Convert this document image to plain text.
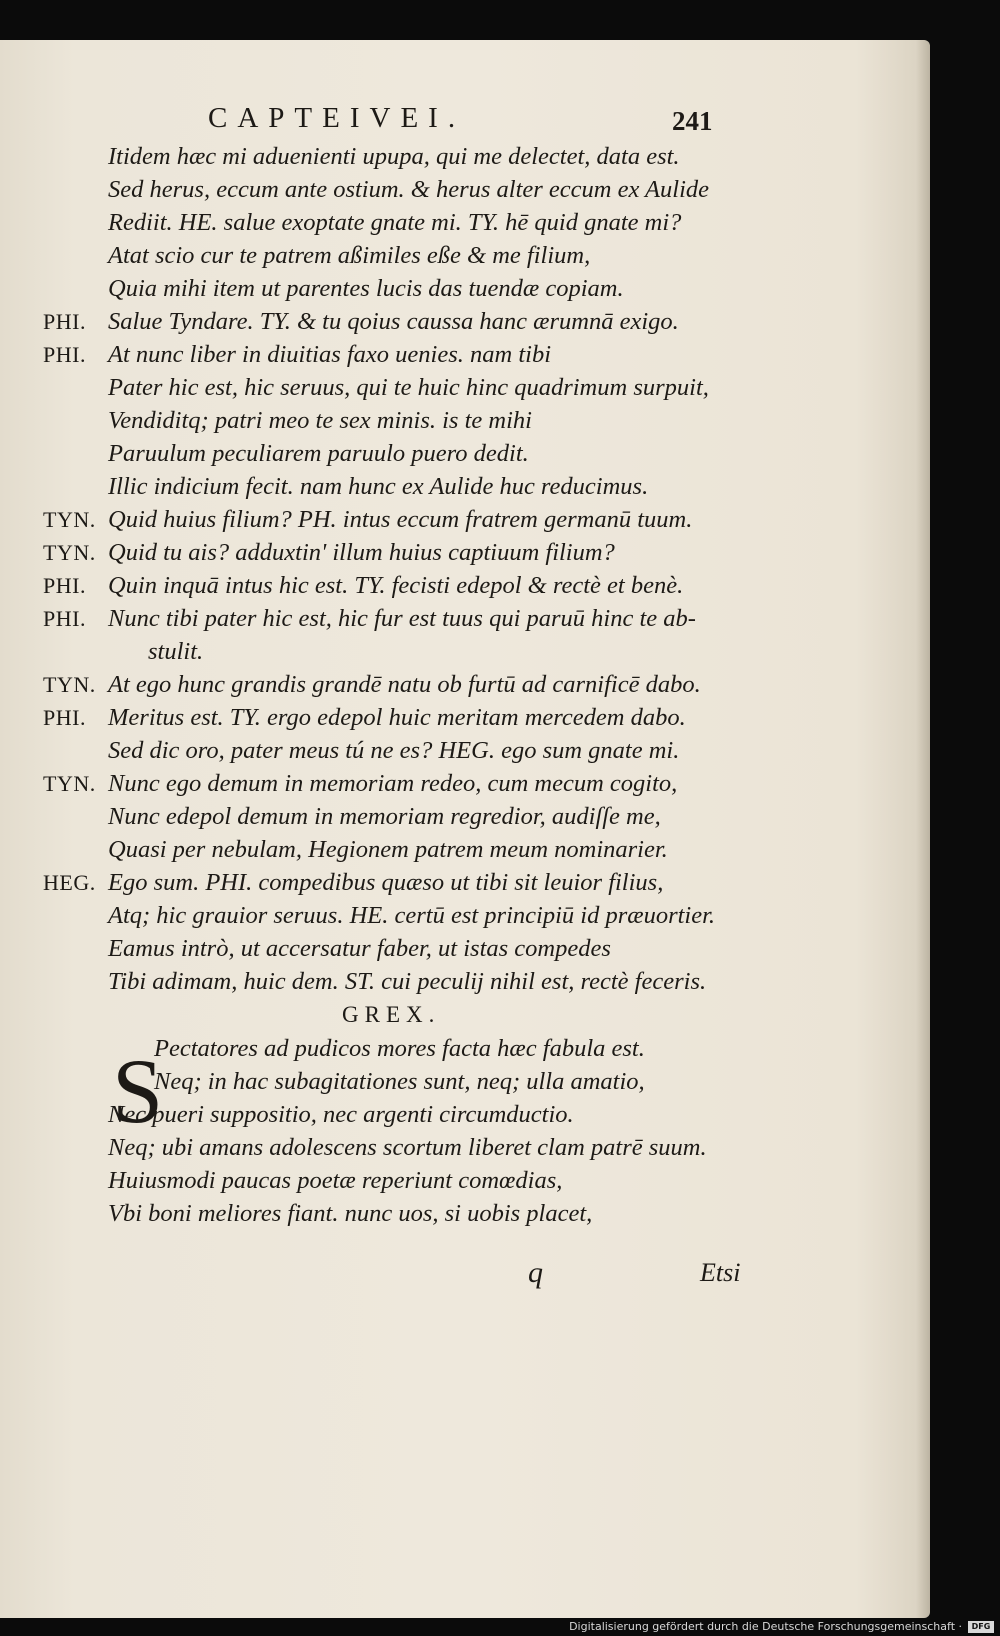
CAPTEIVEI.	241
Itidem hæc mi aduenienti upupa, qui me delectet, data est.
Sed herus, eccum ante ostium. & herus alter eccum ex Aulide
Rediit. HE. salue exoptate gnate mi. TY. hē quid gnate mi?
Atat scio cur te patrem aßimiles eße & me filium,
Quia mihi item ut parentes lucis das tuendæ copiam.
PHI. Salue Tyndare. TY. & tu qoius caussa hanc ærumnā exigo.
PHI. At nunc liber in diuitias faxo uenies. nam tibi
Pater hic est, hic seruus, qui te huic hinc quadrimum surpuit,
Vendiditq; patri meo te sex minis. is te mihi
Paruulum peculiarem paruulo puero dedit.
Illic indicium fecit. nam hunc ex Aulide huc reducimus.
TYN. Quid huius filium? PH. intus eccum fratrem germanū tuum.
TYN. Quid tu ais? adduxtin' illum huius captiuum filium?
PHI. Quin inquā intus hic est. TY. fecisti edepol & rectè et benè.
PHI. Nunc tibi pater hic est, hic fur est tuus qui paruū hinc te ab-
stulit.
TYN. At ego hunc grandis grandē natu ob furtū ad carnificē dabo.
PHI. Meritus est. TY. ergo edepol huic meritam mercedem dabo.
Sed dic oro, pater meus tú ne es? HEG. ego sum gnate mi.
TYN. Nunc ego demum in memoriam redeo, cum mecum cogito,
Nunc edepol demum in memoriam regredior, audiſſe me,
Quasi per nebulam, Hegionem patrem meum nominarier.
HEG. Ego sum. PHI. compedibus quæso ut tibi sit leuior filius,
Atq; hic grauior seruus. HE. certū est principiū id præuortier.
Eamus intrò, ut accersatur faber, ut istas compedes
Tibi adimam, huic dem. ST. cui peculij nihil est, rectè feceris.
GREX.
Pectatores ad pudicos mores facta hæc fabula est.
Neq; in hac subagitationes sunt, neq; ulla amatio,
Nec pueri suppositio, nec argenti circumductio.
Neq; ubi amans adolescens scortum liberet clam patrē suum.
Huiusmodi paucas poetæ reperiunt comœdias,
Vbi boni meliores fiant. nunc uos, si uobis placet,
S
q	Etsi
Digitalisierung gefördert durch die Deutsche Forschungsgemeinschaft ·	DFG
